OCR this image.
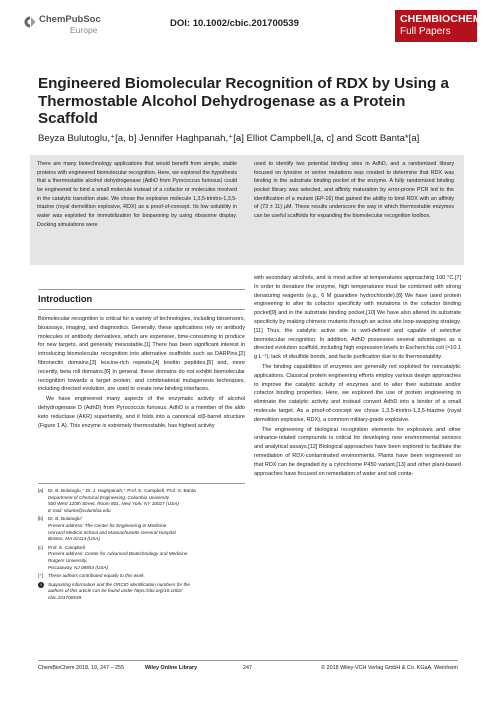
ChemPubSoc
Europe
DOI: 10.1002/cbic.201700539	CHEMBIOCHEM
Full Papers
Engineered Biomolecular Recognition of RDX by Using a Thermostable Alcohol Dehydrogenase as a Protein Scaffold
Beyza Bulutoglu,⁺[a, b] Jennifer Haghpanah,⁺[a] Elliot Campbell,[a, c] and Scott Banta*[a]
There are many biotechnology applications that would benefit from simple, stable proteins with engineered biomolecular recognition. Here, we explored the hypothesis that a thermostable alcohol dehydrogenase (AdhD from Pyrococcus furiosus) could be engineered to bind a small molecule instead of a cofactor or molecules involved in the catalytic transition state. We chose the explosive molecule 1,3,5-trinitro-1,3,5-triazine (royal demolition explosive, RDX) as a proof-of-concept. Its low solubility in water was exploited for immobilization for biopanning by using ribosome display. Docking simulations were
used to identify two potential binding sites in AdhD, and a randomized library focused on tyrosine or serine mutations was created to determine that RDX was binding in the substrate binding pocket of the enzyme. A fully randomized binding pocket library was selected, and affinity maturation by error-prone PCR led to the identification of a mutant (EP-16) that gained the ability to bind RDX with an affinity of (73 ± 11) μM. These results underscore the way in which thermostable enzymes can be useful scaffolds for expanding the biomolecular recognition toolbox.
Introduction

Biomolecular recognition is critical for a variety of technologies, including biosensors, bioassays, imaging, and diagnostics. Generally, these applications rely on antibody molecules or antibody derivatives, which are expensive, time-consuming to produce for new targets, and generally mesostable.[1] There has been significant interest in introducing biomolecular recognition into alternative scaffolds such as DARPins,[2] fibronectin domains,[3] leucine-rich repeats,[4] knottin peptides,[5] and, more recently, beta roll domains.[6] In general, these domains do not exhibit biomolecular recognition towards a target protein, and combinatorial mutagenesis techniques, including directed evolution, are used to create new binding interfaces.

We have engineered many aspects of the enzymatic activity of alcohol dehydrogenase D (AdhD) from Pyrococcus furiosus. AdhD is a member of the aldo keto reductase (AKR) superfamily, and it folds into a canonical α/β-barrel structure (Figure 1 A). This enzyme is extremely thermostable, has highest activity

with secondary alcohols, and is most active at temperatures approaching 100 °C.[7] In order to denature the enzyme, high temperatures must be combined with strong denaturing reagents (e.g., 6 M guanidine hydrochloride).[8] We have used protein engineering to alter its cofactor specificity with mutations in the cofactor binding pocket[9] and in the substrate binding pocket.[10] We have also altered its substrate specificity by making chimeric mutants through an active site loop-swapping strategy.[11] Thus, the catalytic active site is well-defined and capable of selective biomolecular recognition. In addition, AdhD possesses several advantages as a directed evolution scaffold, including high expression levels in Escherichia coli (≈10.1 g L⁻¹), lack of disulfide bonds, and facile purification due to its thermostability.

The binding capabilities of enzymes are generally not exploited for noncatalytic applications. Classical protein engineering efforts employ various design approaches to improve the catalytic activity of enzymes and to alter their substrate and/or cofactor binding properties. Here, we explored the use of protein engineering to eliminate the catalytic activity and instead convert AdhD into a binder of a small molecule target. As a proof-of-concept we chose 1,3,5-trinitro-1,3,5-triazine (royal demolition explosive, RDX), a common military-grade explosive.

The engineering of biological recognition elements for explosives and other ordnance-related compounds is critical for developing new environmental sensors and analytical assays.[12] Biological approaches have been explored to facilitate the remediation of RDX-contaminated environments. Plants have been engineered so that RDX can be degraded by a cytochrome P450 variant,[13] and other plant-based approaches have focused on remediation of water and soil conta-

[a]	Dr. B. Bulutoglu,⁺ Dr. J. Haghpanah,⁺ Prof. E. Campbell, Prof. S. Banta
Department of Chemical Engineering, Columbia University
500 West 120th Street, Room 801, New York, NY 10027 (USA)
E-mail: sbanta@columbia.edu
[b]	Dr. B. Bulutoglu⁺
Present address: The Center for Engineering in Medicine
Harvard Medical School and Massachusetts General Hospital
Boston, MA 02114 (USA)
[c]	Prof. E. Campbell
Present address: Center for Advanced Biotechnology and Medicine
Rutgers University,
Piscataway, NJ 08854 (USA)
[⁺]	These authors contributed equally to this work.
i	Supporting information and the ORCID identification numbers for the
authors of this article can be found under https://doi.org/10.1002/
cbic.201700539.
ChemBioChem 2018, 19, 247 – 255	Wiley Online Library	247	© 2018 Wiley-VCH Verlag GmbH & Co. KGaA, Weinheim
